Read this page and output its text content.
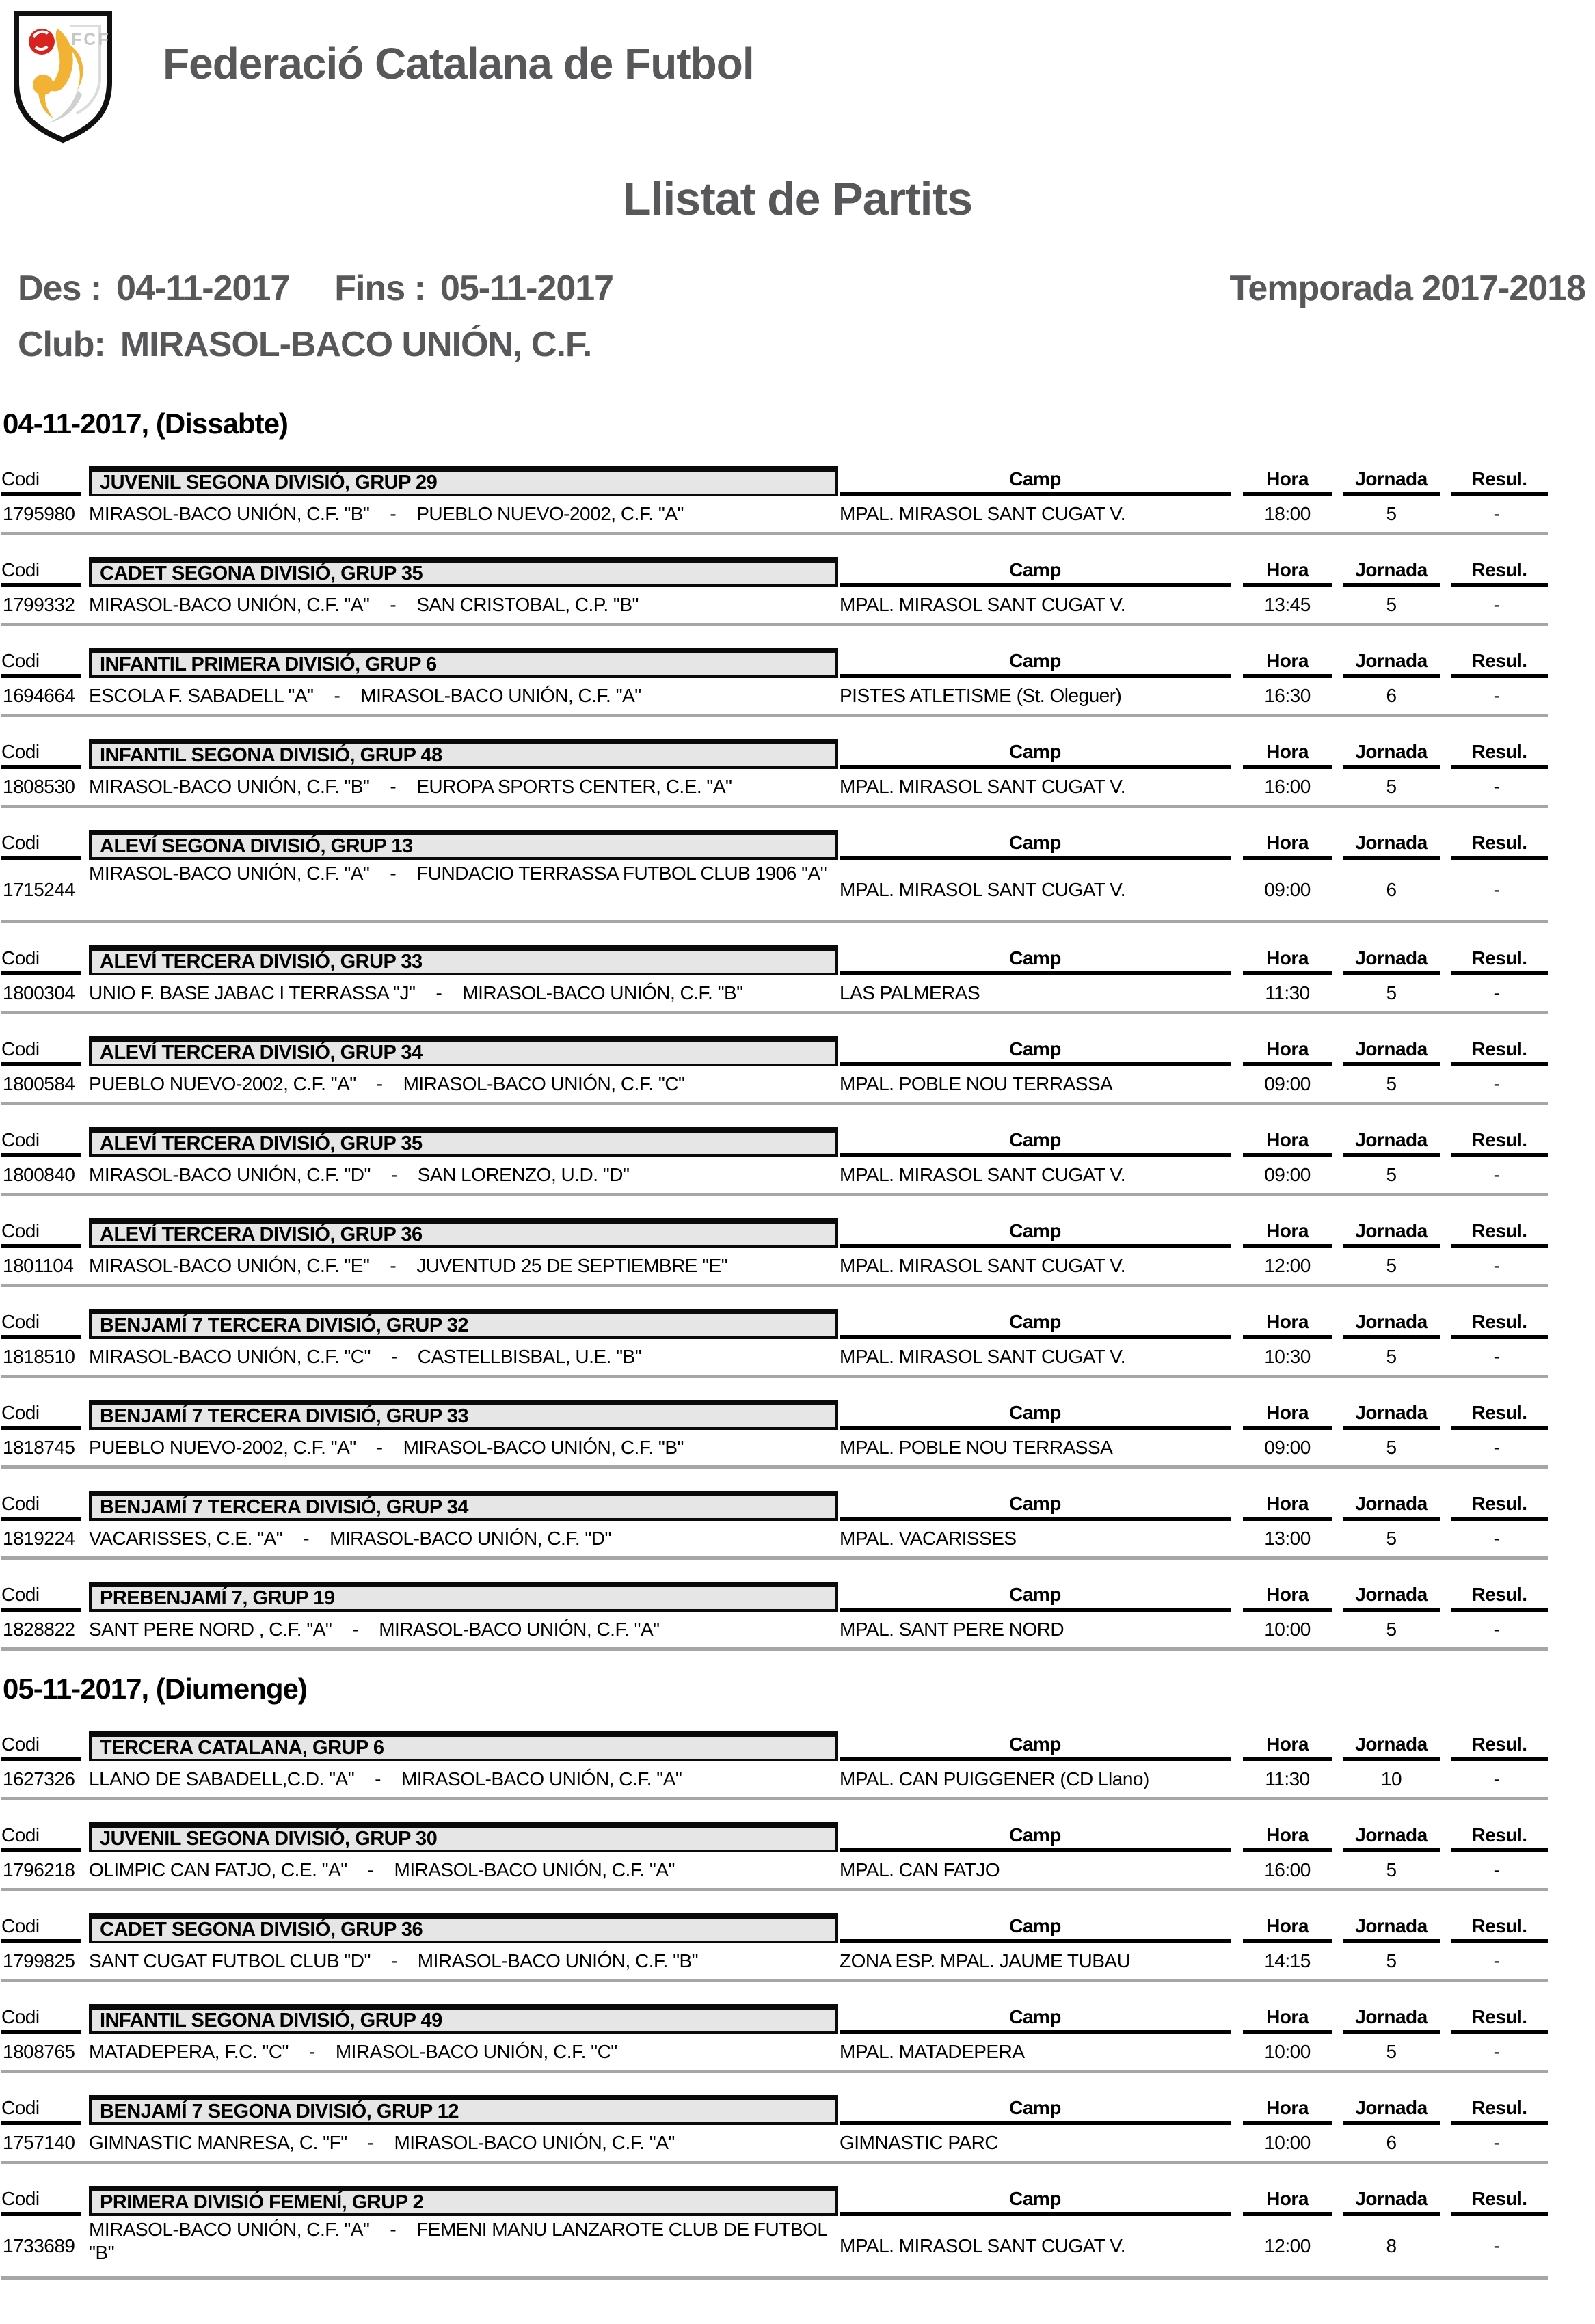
FCF Federació Catalana de Futbol
Llistat de Partits
Des : 04-11-2017 Fins : 05-11-2017	Temporada 2017-2018
Club: MIRASOL-BACO UNIÓN, C.F.
04-11-2017, (Dissabte)
Codi	JUVENIL SEGONA DIVISIÓ, GRUP 29	Camp	Hora	Jornada	Resul.
1795980 MIRASOL-BACO UNIÓN, C.F. "B" - PUEBLO NUEVO-2002, C.F. "A"	MPAL. MIRASOL SANT CUGAT V.	18:00	5	-
Codi	CADET SEGONA DIVISIÓ, GRUP 35	Camp	Hora	Jornada	Resul.
1799332 MIRASOL-BACO UNIÓN, C.F. "A" - SAN CRISTOBAL, C.P. "B"	MPAL. MIRASOL SANT CUGAT V.	13:45	5	-
Codi	INFANTIL PRIMERA DIVISIÓ, GRUP 6	Camp	Hora	Jornada	Resul.
1694664 ESCOLA F. SABADELL "A" - MIRASOL-BACO UNIÓN, C.F. "A"	PISTES ATLETISME (St. Oleguer)	16:30	6	-
Codi	INFANTIL SEGONA DIVISIÓ, GRUP 48	Camp	Hora	Jornada	Resul.
1808530 MIRASOL-BACO UNIÓN, C.F. "B" - EUROPA SPORTS CENTER, C.E. "A"	MPAL. MIRASOL SANT CUGAT V.	16:00	5	-
Codi	ALEVÍ SEGONA DIVISIÓ, GRUP 13	Camp	Hora	Jornada	Resul.
1715244
MIRASOL-BACO UNIÓN, C.F. "A" - FUNDACIO TERRASSA FUTBOL CLUB 1906 "A"
MPAL. MIRASOL SANT CUGAT V.	09:00	6	-
Codi	ALEVÍ TERCERA DIVISIÓ, GRUP 33	Camp	Hora	Jornada	Resul.
1800304 UNIO F. BASE JABAC I TERRASSA "J" - MIRASOL-BACO UNIÓN, C.F. "B"	LAS PALMERAS	11:30	5	-
Codi	ALEVÍ TERCERA DIVISIÓ, GRUP 34	Camp	Hora	Jornada	Resul.
1800584 PUEBLO NUEVO-2002, C.F. "A" - MIRASOL-BACO UNIÓN, C.F. "C"	MPAL. POBLE NOU TERRASSA	09:00	5	-
Codi	ALEVÍ TERCERA DIVISIÓ, GRUP 35	Camp	Hora	Jornada	Resul.
1800840 MIRASOL-BACO UNIÓN, C.F. "D" - SAN LORENZO, U.D. "D"	MPAL. MIRASOL SANT CUGAT V.	09:00	5	-
Codi	ALEVÍ TERCERA DIVISIÓ, GRUP 36	Camp	Hora	Jornada	Resul.
1801104 MIRASOL-BACO UNIÓN, C.F. "E" - JUVENTUD 25 DE SEPTIEMBRE "E"	MPAL. MIRASOL SANT CUGAT V.	12:00	5	-
Codi	BENJAMÍ 7 TERCERA DIVISIÓ, GRUP 32	Camp	Hora	Jornada	Resul.
1818510 MIRASOL-BACO UNIÓN, C.F. "C" - CASTELLBISBAL, U.E. "B"	MPAL. MIRASOL SANT CUGAT V.	10:30	5	-
Codi	BENJAMÍ 7 TERCERA DIVISIÓ, GRUP 33	Camp	Hora	Jornada	Resul.
1818745 PUEBLO NUEVO-2002, C.F. "A" - MIRASOL-BACO UNIÓN, C.F. "B"	MPAL. POBLE NOU TERRASSA	09:00	5	-
Codi	BENJAMÍ 7 TERCERA DIVISIÓ, GRUP 34	Camp	Hora	Jornada	Resul.
1819224 VACARISSES, C.E. "A" - MIRASOL-BACO UNIÓN, C.F. "D"	MPAL. VACARISSES	13:00	5	-
Codi	PREBENJAMÍ 7, GRUP 19	Camp	Hora	Jornada	Resul.
1828822 SANT PERE NORD , C.F. "A" - MIRASOL-BACO UNIÓN, C.F. "A"	MPAL. SANT PERE NORD	10:00	5	-
05-11-2017, (Diumenge)
Codi	TERCERA CATALANA, GRUP 6	Camp	Hora	Jornada	Resul.
1627326 LLANO DE SABADELL,C.D. "A" - MIRASOL-BACO UNIÓN, C.F. "A"	MPAL. CAN PUIGGENER (CD Llano)	11:30	10	-
Codi	JUVENIL SEGONA DIVISIÓ, GRUP 30	Camp	Hora	Jornada	Resul.
1796218 OLIMPIC CAN FATJO, C.E. "A" - MIRASOL-BACO UNIÓN, C.F. "A"	MPAL. CAN FATJO	16:00	5	-
Codi	CADET SEGONA DIVISIÓ, GRUP 36	Camp	Hora	Jornada	Resul.
1799825 SANT CUGAT FUTBOL CLUB "D" - MIRASOL-BACO UNIÓN, C.F. "B"	ZONA ESP. MPAL. JAUME TUBAU	14:15	5	-
Codi	INFANTIL SEGONA DIVISIÓ, GRUP 49	Camp	Hora	Jornada	Resul.
1808765 MATADEPERA, F.C. "C" - MIRASOL-BACO UNIÓN, C.F. "C"	MPAL. MATADEPERA	10:00	5	-
Codi	BENJAMÍ 7 SEGONA DIVISIÓ, GRUP 12	Camp	Hora	Jornada	Resul.
1757140 GIMNASTIC MANRESA, C. "F" - MIRASOL-BACO UNIÓN, C.F. "A"	GIMNASTIC PARC	10:00	6	-
Codi	PRIMERA DIVISIÓ FEMENÍ, GRUP 2	Camp	Hora	Jornada	Resul.
1733689
MIRASOL-BACO UNIÓN, C.F. "A" - FEMENI MANU LANZAROTE CLUB DE FUTBOL "B"	MPAL. MIRASOL SANT CUGAT V.	12:00	8	-
